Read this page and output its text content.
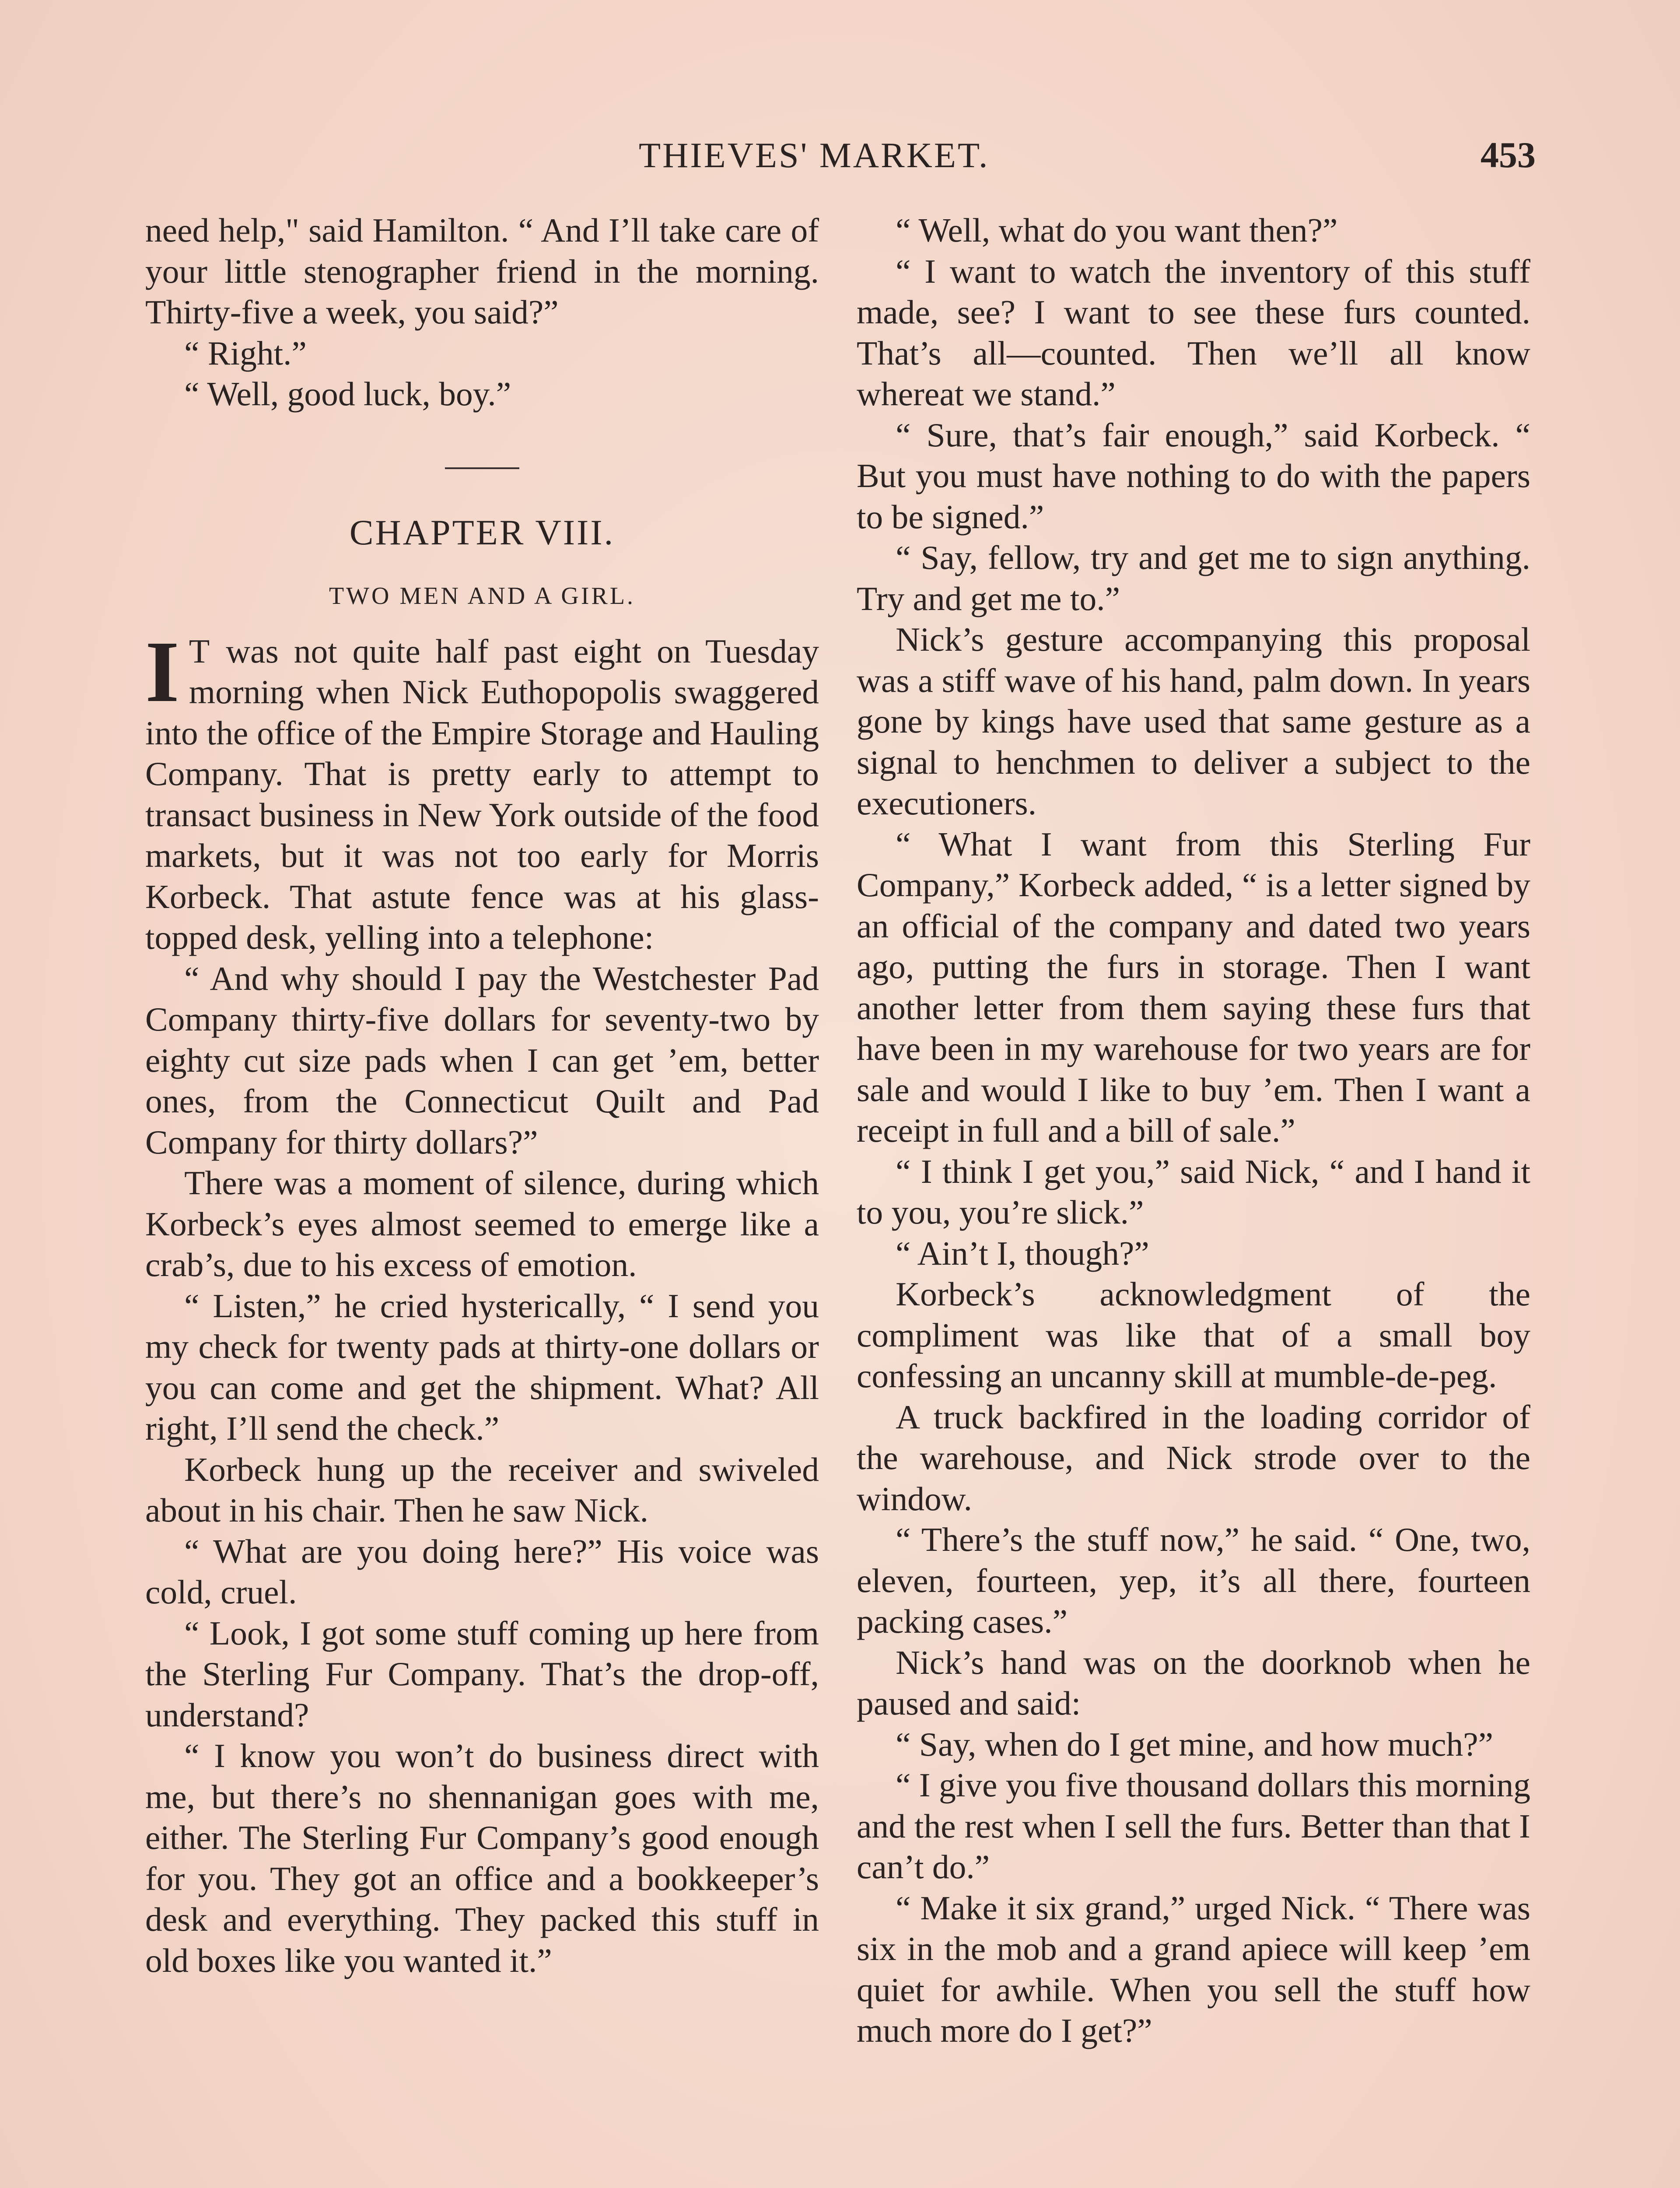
THIEVES' MARKET.	453

need help," said Hamilton. “ And I’ll take care of your little stenographer friend in the morning. Thirty-five a week, you said?”

“ Right.”

“ Well, good luck, boy.”

CHAPTER VIII.
TWO MEN AND A GIRL.

I T was not quite half past eight on Tuesday morning when Nick Euthopopolis swaggered into the office of the Empire Storage and Hauling Company. That is pretty early to attempt to transact business in New York outside of the food markets, but it was not too early for Morris Korbeck. That astute fence was at his glass-topped desk, yelling into a telephone:

“ And why should I pay the Westchester Pad Company thirty-five dollars for seventy-two by eighty cut size pads when I can get ’em, better ones, from the Connecticut Quilt and Pad Company for thirty dollars?”

There was a moment of silence, during which Korbeck’s eyes almost seemed to emerge like a crab’s, due to his excess of emotion.

“ Listen,” he cried hysterically, “ I send you my check for twenty pads at thirty-one dollars or you can come and get the shipment. What? All right, I’ll send the check.”

Korbeck hung up the receiver and swiveled about in his chair. Then he saw Nick.

“ What are you doing here?” His voice was cold, cruel.

“ Look, I got some stuff coming up here from the Sterling Fur Company. That’s the drop-off, understand?

“ I know you won’t do business direct with me, but there’s no shennanigan goes with me, either. The Sterling Fur Company’s good enough for you. They got an office and a bookkeeper’s desk and everything. They packed this stuff in old boxes like you wanted it.”

“ Well, what do you want then?”

“ I want to watch the inventory of this stuff made, see? I want to see these furs counted. That’s all—counted. Then we’ll all know whereat we stand.”

“ Sure, that’s fair enough,” said Korbeck. “ But you must have nothing to do with the papers to be signed.”

“ Say, fellow, try and get me to sign anything. Try and get me to.”

Nick’s gesture accompanying this proposal was a stiff wave of his hand, palm down. In years gone by kings have used that same gesture as a signal to henchmen to deliver a subject to the executioners.

“ What I want from this Sterling Fur Company,” Korbeck added, “ is a letter signed by an official of the company and dated two years ago, putting the furs in storage. Then I want another letter from them saying these furs that have been in my warehouse for two years are for sale and would I like to buy ’em. Then I want a receipt in full and a bill of sale.”

“ I think I get you,” said Nick, “ and I hand it to you, you’re slick.”

“ Ain’t I, though?”

Korbeck’s acknowledgment of the compliment was like that of a small boy confessing an uncanny skill at mumble-de-peg.

A truck backfired in the loading corridor of the warehouse, and Nick strode over to the window.

“ There’s the stuff now,” he said. “ One, two, eleven, fourteen, yep, it’s all there, fourteen packing cases.”

Nick’s hand was on the doorknob when he paused and said:

“ Say, when do I get mine, and how much?”

“ I give you five thousand dollars this morning and the rest when I sell the furs. Better than that I can’t do.”

“ Make it six grand,” urged Nick. “ There was six in the mob and a grand apiece will keep ’em quiet for awhile. When you sell the stuff how much more do I get?”
